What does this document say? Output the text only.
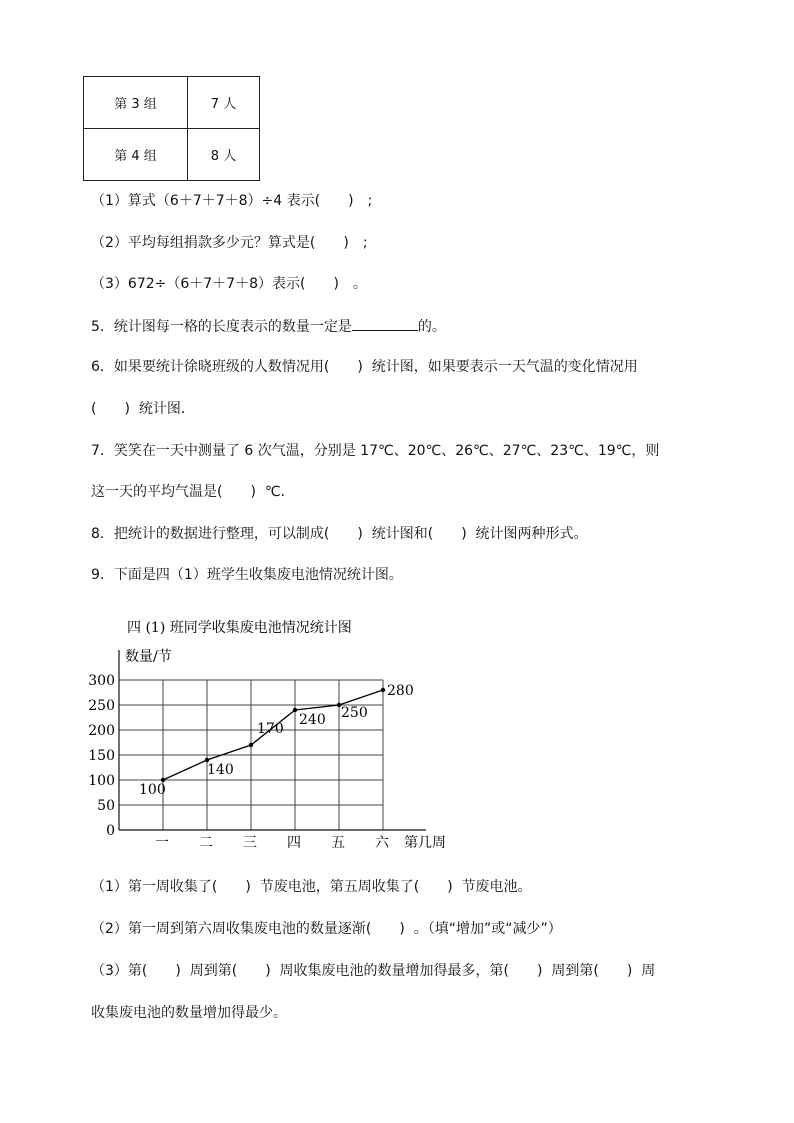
第 3 组	7 人
第 4 组	8 人
（1）算式（6＋7＋7＋8）÷4 表示(　　)　;
（2）平均每组捐款多少元？算式是(　　)　;
（3）672÷（6＋7＋7＋8）表示(　　)　。
5．统计图每一格的长度表示的数量一定是	的。
6．如果要统计徐晓班级的人数情况用(　　)  统计图，如果要表示一天气温的变化情况用
(　　)  统计图．
7．笑笑在一天中测量了 6 次气温，分别是 17℃、20℃、26℃、27℃、23℃、19℃，则
这一天的平均气温是(　　)  ℃．
8．把统计的数据进行整理，可以制成(　　)  统计图和(　　)  统计图两种形式。
9．下面是四（1）班学生收集废电池情况统计图。
四 (1) 班同学收集废电池情况统计图
数量/节
第几周
0
50
100
150
200
250
300
一 二 三 四 五 六
100
140
170
240 250
280
（1）第一周收集了(　　)  节废电池，第五周收集了(　　)  节废电池。
（2）第一周到第六周收集废电池的数量逐渐(　　)  。（填“增加”或“减少”）
（3）第(　　)  周到第(　　)  周收集废电池的数量增加得最多，第(　　)  周到第(　　)  周
收集废电池的数量增加得最少。
